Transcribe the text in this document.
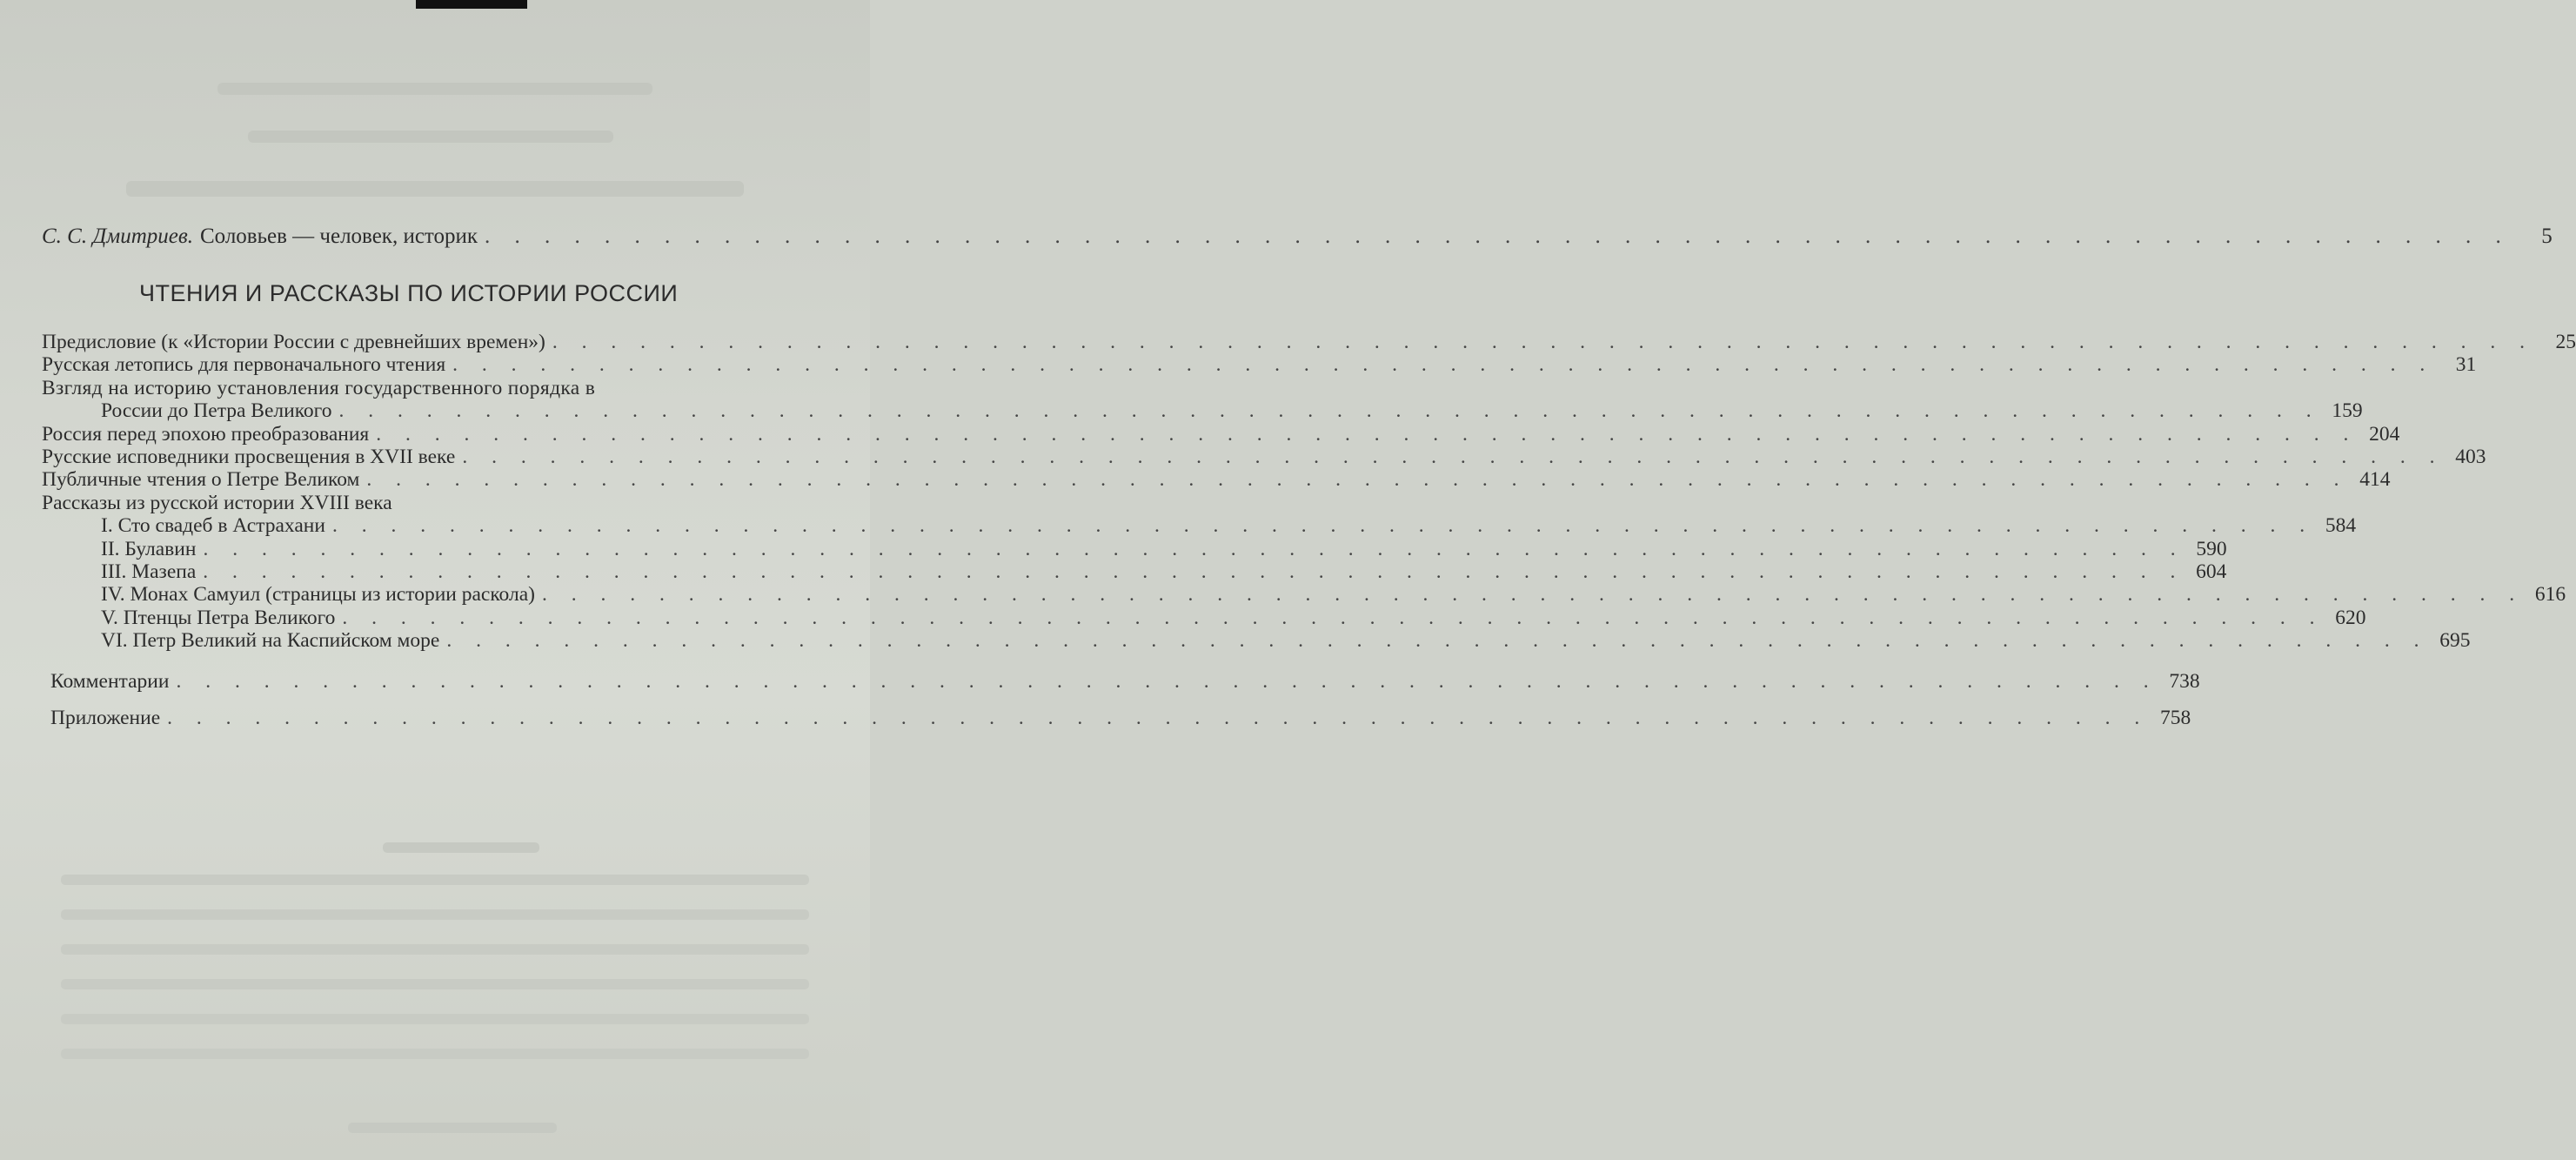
С. С. Дмитриев. Соловьев — человек, историк . . . . . . . . . . . . . . . . . . . . . . . . . . . . . . . . . . . . . . . . . . . . . . . . . . . . . . . . . . . . . . . . . . . .	5
ЧТЕНИЯ И РАССКАЗЫ ПО ИСТОРИИ РОССИИ
Предисловие (к «Истории России с древнейших времен») . . . . . . . . . . . . . . . . . . . . . . . . . . . . . . . . . . . . . . . . . . . . . . . . . . . . . . . . . . . . . . . . . . . .	25
Русская летопись для первоначального чтения . . . . . . . . . . . . . . . . . . . . . . . . . . . . . . . . . . . . . . . . . . . . . . . . . . . . . . . . . . . . . . . . . . . .	31
Взгляд на историю установления государственного порядка в
России до Петра Великого . . . . . . . . . . . . . . . . . . . . . . . . . . . . . . . . . . . . . . . . . . . . . . . . . . . . . . . . . . . . . . . . . . . . 159
Россия перед эпохою преобразования . . . . . . . . . . . . . . . . . . . . . . . . . . . . . . . . . . . . . . . . . . . . . . . . . . . . . . . . . . . . . . . . . . . . 204
Русские исповедники просвещения в XVII веке . . . . . . . . . . . . . . . . . . . . . . . . . . . . . . . . . . . . . . . . . . . . . . . . . . . . . . . . . . . . . . . . . . . . 403
Публичные чтения о Петре Великом . . . . . . . . . . . . . . . . . . . . . . . . . . . . . . . . . . . . . . . . . . . . . . . . . . . . . . . . . . . . . . . . . . . . 414
Рассказы из русской истории XVIII века
I. Сто свадеб в Астрахани . . . . . . . . . . . . . . . . . . . . . . . . . . . . . . . . . . . . . . . . . . . . . . . . . . . . . . . . . . . . . . . . . . . . 584
II. Булавин . . . . . . . . . . . . . . . . . . . . . . . . . . . . . . . . . . . . . . . . . . . . . . . . . . . . . . . . . . . . . . . . . . . . 590
III. Мазепа . . . . . . . . . . . . . . . . . . . . . . . . . . . . . . . . . . . . . . . . . . . . . . . . . . . . . . . . . . . . . . . . . . . . 604
IV. Монах Самуил (страницы из истории раскола) . . . . . . . . . . . . . . . . . . . . . . . . . . . . . . . . . . . . . . . . . . . . . . . . . . . . . . . . . . . . . . . . . . . . 616
V. Птенцы Петра Великого . . . . . . . . . . . . . . . . . . . . . . . . . . . . . . . . . . . . . . . . . . . . . . . . . . . . . . . . . . . . . . . . . . . . 620
VI. Петр Великий на Каспийском море . . . . . . . . . . . . . . . . . . . . . . . . . . . . . . . . . . . . . . . . . . . . . . . . . . . . . . . . . . . . . . . . . . . . 695
Комментарии . . . . . . . . . . . . . . . . . . . . . . . . . . . . . . . . . . . . . . . . . . . . . . . . . . . . . . . . . . . . . . . . . . . . 738
Приложение . . . . . . . . . . . . . . . . . . . . . . . . . . . . . . . . . . . . . . . . . . . . . . . . . . . . . . . . . . . . . . . . . . . . 758
